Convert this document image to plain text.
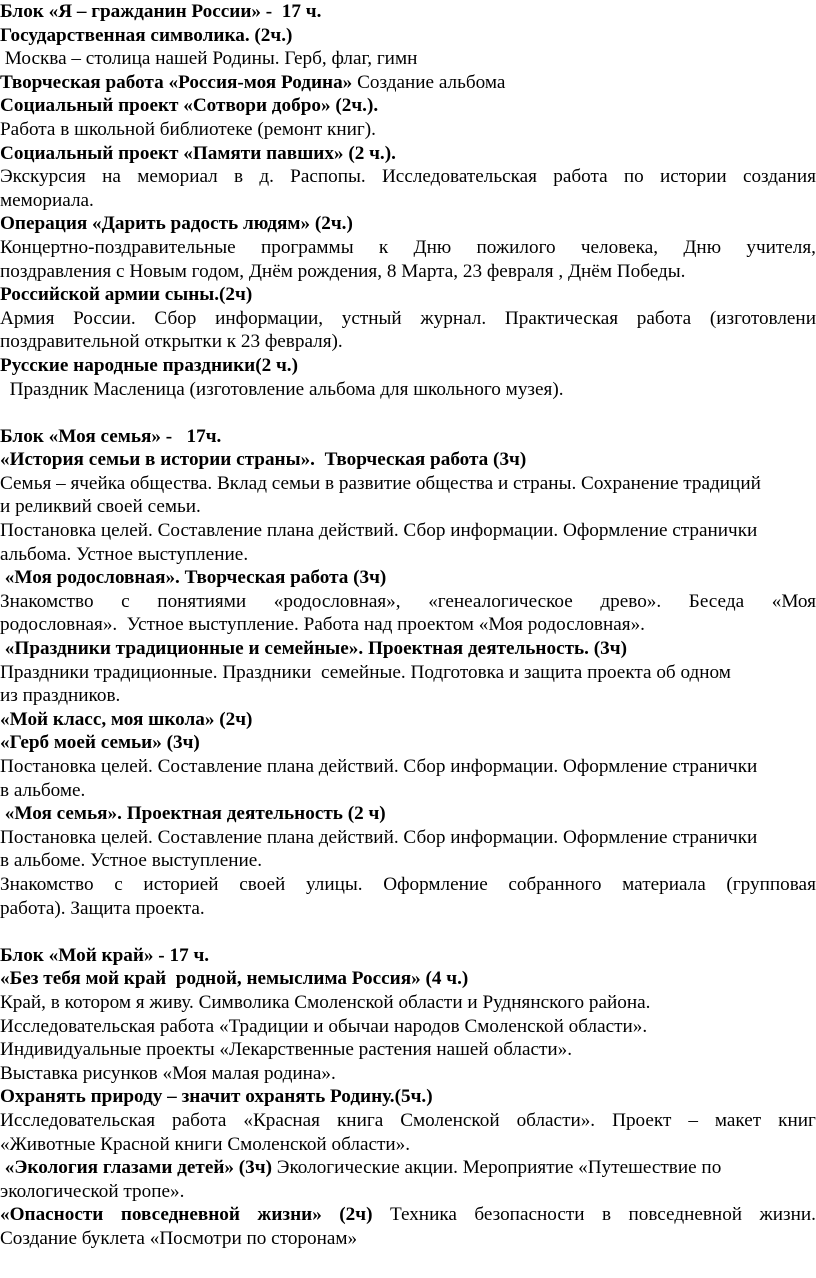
Блок «Я – гражданин России» -  17 ч.
Государственная символика. (2ч.)
Москва – столица нашей Родины. Герб, флаг, гимн
Творческая работа «Россия-моя Родина» Создание альбома
Социальный проект «Сотвори добро» (2ч.).
Работа в школьной библиотеке (ремонт книг).
Социальный проект «Памяти павших» (2 ч.).
Экскурсия на мемориал в д. Распопы. Исследовательская работа по истории создания
мемориала.
Операция «Дарить радость людям» (2ч.)
Концертно-поздравительные программы к Дню пожилого человека, Дню учителя,
поздравления с Новым годом, Днём рождения, 8 Марта, 23 февраля , Днём Победы.
Российской армии сыны.(2ч)
Армия России. Сбор информации, устный журнал. Практическая работа (изготовлени
поздравительной открытки к 23 февраля).
Русские народные праздники(2 ч.)
Праздник Масленица (изготовление альбома для школьного музея).
Блок «Моя семья» -   17ч.
«История семьи в истории страны».  Творческая работа (3ч)
Семья – ячейка общества. Вклад семьи в развитие общества и страны. Сохранение традиций
и реликвий своей семьи.
Постановка целей. Составление плана действий. Сбор информации. Оформление странички
альбома. Устное выступление.
«Моя родословная». Творческая работа (3ч)
Знакомство с понятиями «родословная», «генеалогическое древо». Беседа «Моя
родословная».  Устное выступление. Работа над проектом «Моя родословная».
«Праздники традиционные и семейные». Проектная деятельность. (3ч)
Праздники традиционные. Праздники  семейные. Подготовка и защита проекта об одном
из праздников.
«Мой класс, моя школа» (2ч)
«Герб моей семьи» (3ч)
Постановка целей. Составление плана действий. Сбор информации. Оформление странички
в альбоме.
«Моя семья». Проектная деятельность (2 ч)
Постановка целей. Составление плана действий. Сбор информации. Оформление странички
в альбоме. Устное выступление.
Знакомство с историей своей улицы. Оформление собранного материала (групповая
работа). Защита проекта.
Блок «Мой край» - 17 ч.
«Без тебя мой край  родной, немыслима Россия» (4 ч.)
Край, в котором я живу. Символика Смоленской области и Руднянского района.
Исследовательская работа «Традиции и обычаи народов Смоленской области».
Индивидуальные проекты «Лекарственные растения нашей области».
Выставка рисунков «Моя малая родина».
Охранять природу – значит охранять Родину.(5ч.)
Исследовательская работа «Красная книга Смоленской области». Проект – макет книг
«Животные Красной книги Смоленской области».
«Экология глазами детей» (3ч) Экологические акции. Мероприятие «Путешествие по
экологической тропе».
«Опасности повседневной жизни» (2ч) Техника безопасности в повседневной жизни.
Создание буклета «Посмотри по сторонам»
